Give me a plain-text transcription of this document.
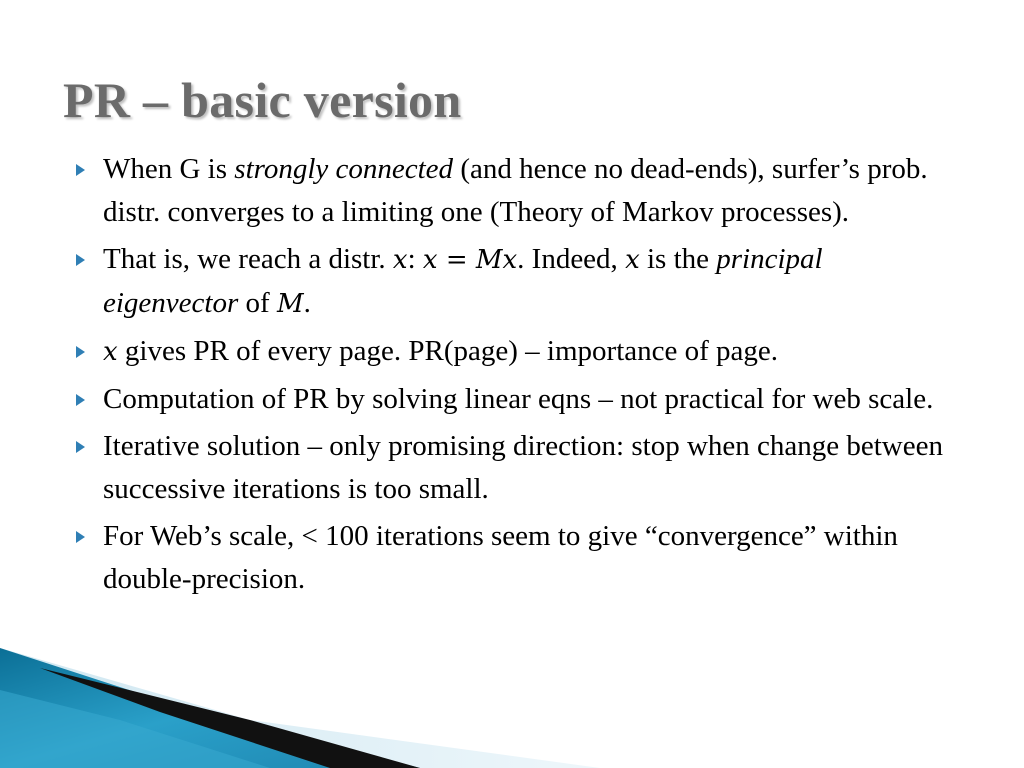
PR – basic version
When G is strongly connected (and hence no dead-ends), surfer’s prob. distr. converges to a limiting one (Theory of Markov processes).
That is, we reach a distr. x: x = Mx. Indeed, x is the principal eigenvector of M.
x gives PR of every page. PR(page) – importance of page.
Computation of PR by solving linear eqns – not practical for web scale.
Iterative solution – only promising direction: stop when change between successive iterations is too small.
For Web’s scale, < 100 iterations seem to give “convergence” within double-precision.
